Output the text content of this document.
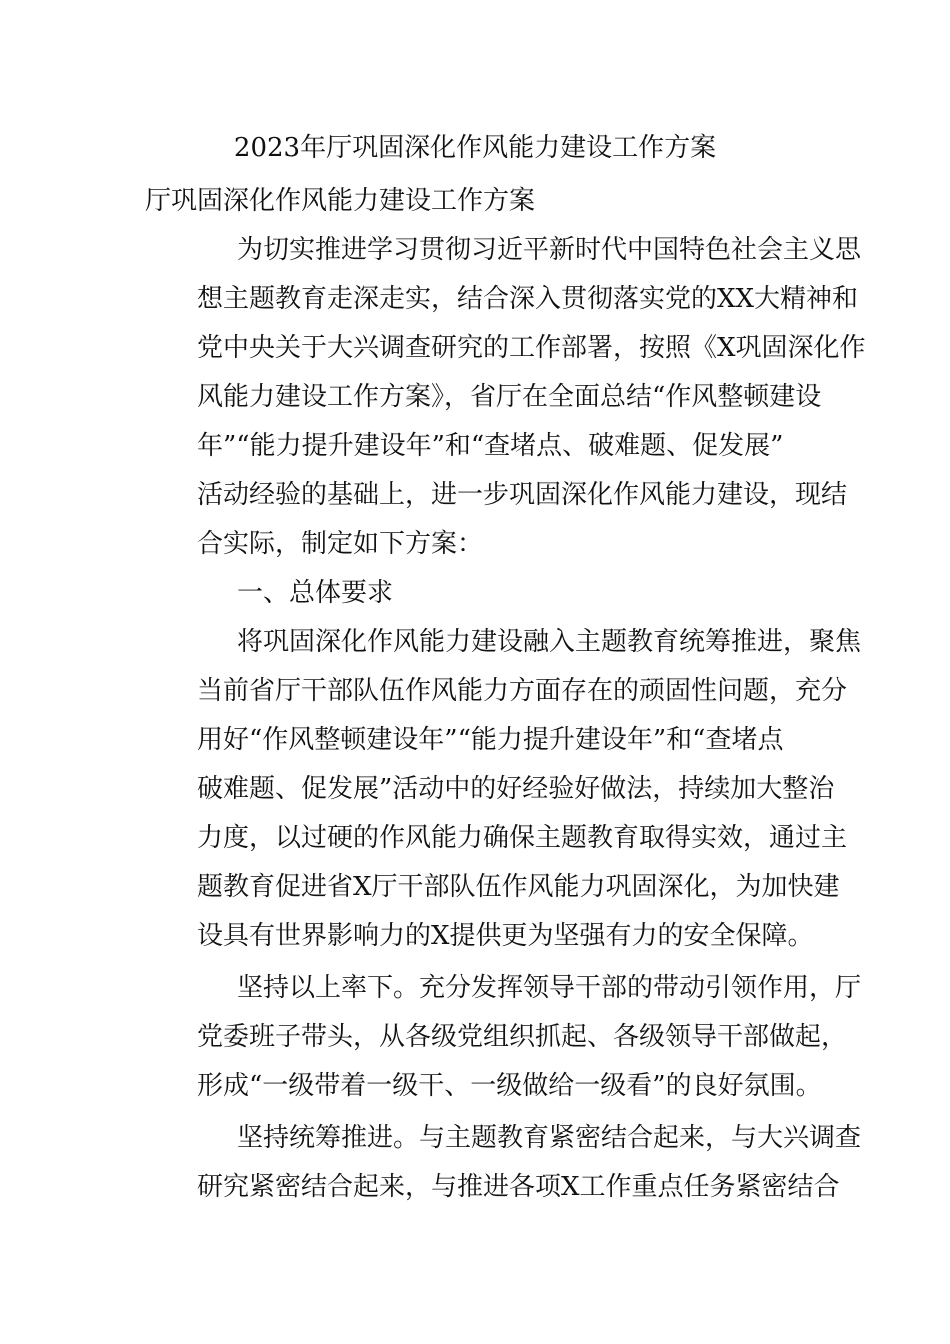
2023年厅巩固深化作风能力建设工作方案
厅巩固深化作风能力建设工作方案
为切实推进学习贯彻习近平新时代中国特色社会主义思
想主题教育走深走实，结合深入贯彻落实党的XX大精神和
党中央关于大兴调查研究的工作部署，按照《X巩固深化作
风能力建设工作方案》，省厅在全面总结“作风整顿建设
年”“能力提升建设年”和“查堵点、破难题、促发展”
活动经验的基础上，进一步巩固深化作风能力建设，现结
合实际，制定如下方案：
一、总体要求
将巩固深化作风能力建设融入主题教育统筹推进，聚焦
当前省厅干部队伍作风能力方面存在的顽固性问题，充分
用好“作风整顿建设年”“能力提升建设年”和“查堵点
破难题、促发展”活动中的好经验好做法，持续加大整治
力度，以过硬的作风能力确保主题教育取得实效，通过主
题教育促进省X厅干部队伍作风能力巩固深化，为加快建
设具有世界影响力的X提供更为坚强有力的安全保障。
坚持以上率下。充分发挥领导干部的带动引领作用，厅
党委班子带头，从各级党组织抓起、各级领导干部做起，
形成“一级带着一级干、一级做给一级看”的良好氛围。
坚持统筹推进。与主题教育紧密结合起来，与大兴调查
研究紧密结合起来，与推进各项X工作重点任务紧密结合
